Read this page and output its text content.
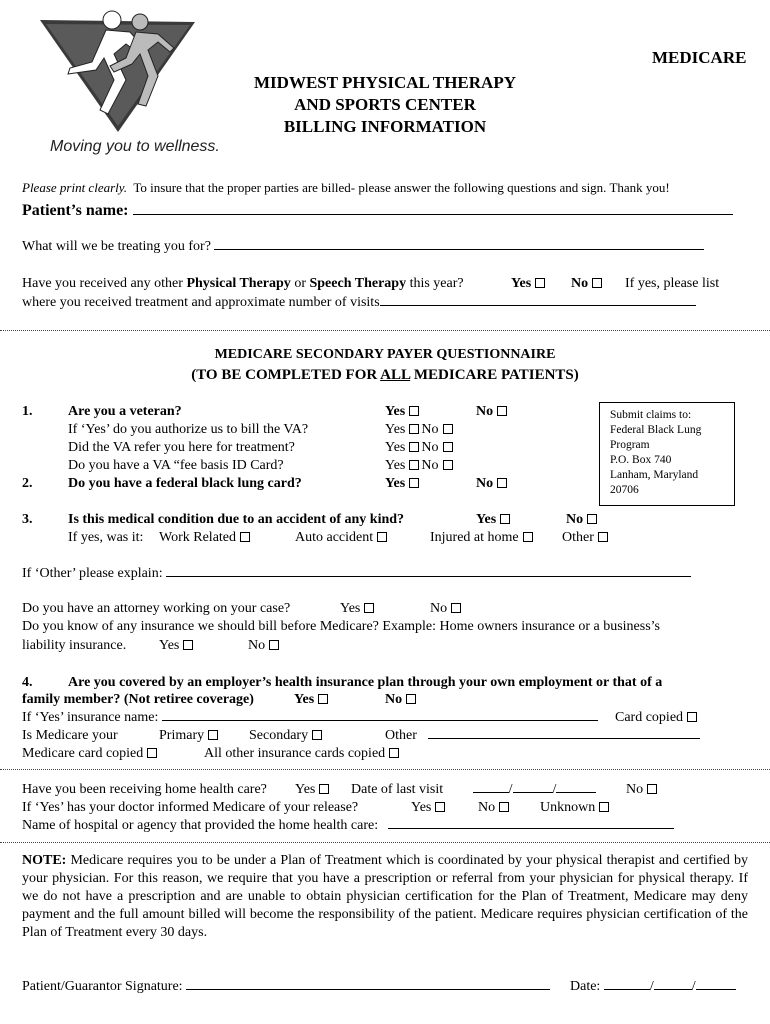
Moving you to wellness.
MEDICARE
MIDWEST PHYSICAL THERAPY
AND SPORTS CENTER
BILLING INFORMATION
Please print clearly. To insure that the proper parties are billed- please answer the following questions and sign. Thank you!
Patient’s name:
What will we be treating you for?
Have you received any other Physical Therapy or Speech Therapy this year?	Yes	No	If yes, please list
where you received treatment and approximate number of visits
MEDICARE SECONDARY PAYER QUESTIONNAIRE
(TO BE COMPLETED FOR ALL MEDICARE PATIENTS)
1.	Are you a veteran?	Yes	No
If ‘Yes’ do you authorize us to bill the VA?	Yes No
Did the VA refer you here for treatment?	Yes No
Do you have a VA “fee basis ID Card?	Yes No
2.	Do you have a federal black lung card?	Yes	No
Submit claims to:
Federal Black Lung
Program
P.O. Box 740
Lanham, Maryland
20706
3.	Is this medical condition due to an accident of any kind?	Yes	No
If yes, was it: Work Related	Auto accident	Injured at home	Other
If ‘Other’ please explain:
Do you have an attorney working on your case?	Yes	No
Do you know of any insurance we should bill before Medicare? Example: Home owners insurance or a business’s
liability insurance. Yes	No
4.	Are you covered by an employer’s health insurance plan through your own employment or that of a
family member? (Not retiree coverage)	Yes	No
If ‘Yes’ insurance name:	Card copied
Is Medicare your	Primary	Secondary	Other
Medicare card copied	All other insurance cards copied
Have you been receiving home health care? Yes	Date of last visit	/	/	No
If ‘Yes’ has your doctor informed Medicare of your release?	Yes	No	Unknown
Name of hospital or agency that provided the home health care:
NOTE: Medicare requires you to be under a Plan of Treatment which is coordinated by your physical therapist and certified by your physician. For this reason, we require that you have a prescription or referral from your physician for physical therapy. If we do not have a prescription and are unable to obtain physician certification for the Plan of Treatment, Medicare may deny payment and the full amount billed will become the responsibility of the patient. Medicare requires physician certification of the Plan of Treatment every 30 days.
Patient/Guarantor Signature:	Date:	/	/
